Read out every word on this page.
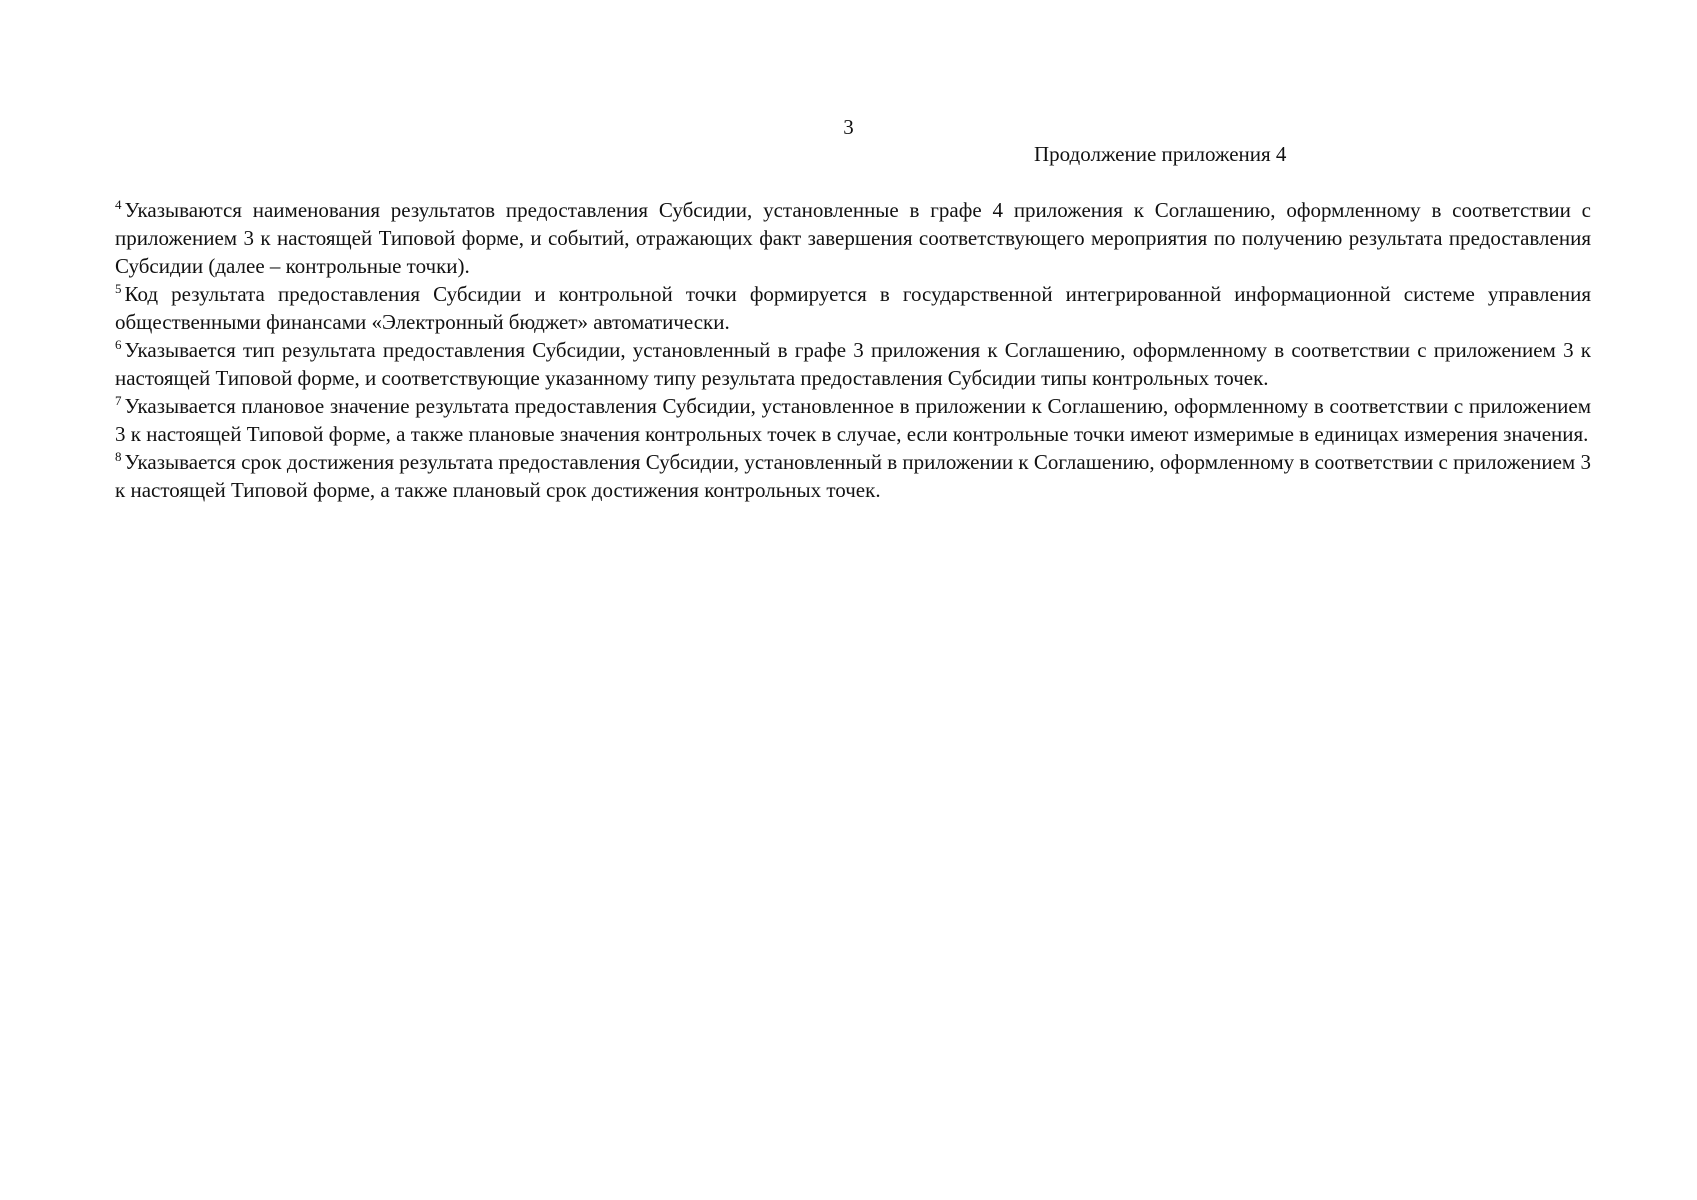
3
Продолжение приложения 4

$^4$ Указываются наименования результатов предоставления Субсидии, установленные в графе 4 приложения к Соглашению, оформленному в соответствии с приложением 3 к настоящей Типовой форме, и событий, отражающих факт завершения соответствующего мероприятия по получению результата предоставления Субсидии (далее – контрольные точки).

$^5$ Код результата предоставления Субсидии и контрольной точки формируется в государственной интегрированной информационной системе управления общественными финансами «Электронный бюджет» автоматически.

$^6$ Указывается тип результата предоставления Субсидии, установленный в графе 3 приложения к Соглашению, оформленному в соответствии с приложением 3 к настоящей Типовой форме, и соответствующие указанному типу результата предоставления Субсидии типы контрольных точек.

$^7$ Указывается плановое значение результата предоставления Субсидии, установленное в приложении к Соглашению, оформленному в соответствии с приложением 3 к настоящей Типовой форме, а также плановые значения контрольных точек в случае, если контрольные точки имеют измеримые в единицах измерения значения.

$^8$ Указывается срок достижения результата предоставления Субсидии, установленный в приложении к Соглашению, оформленному в соответствии с приложением 3 к настоящей Типовой форме, а также плановый срок достижения контрольных точек.
